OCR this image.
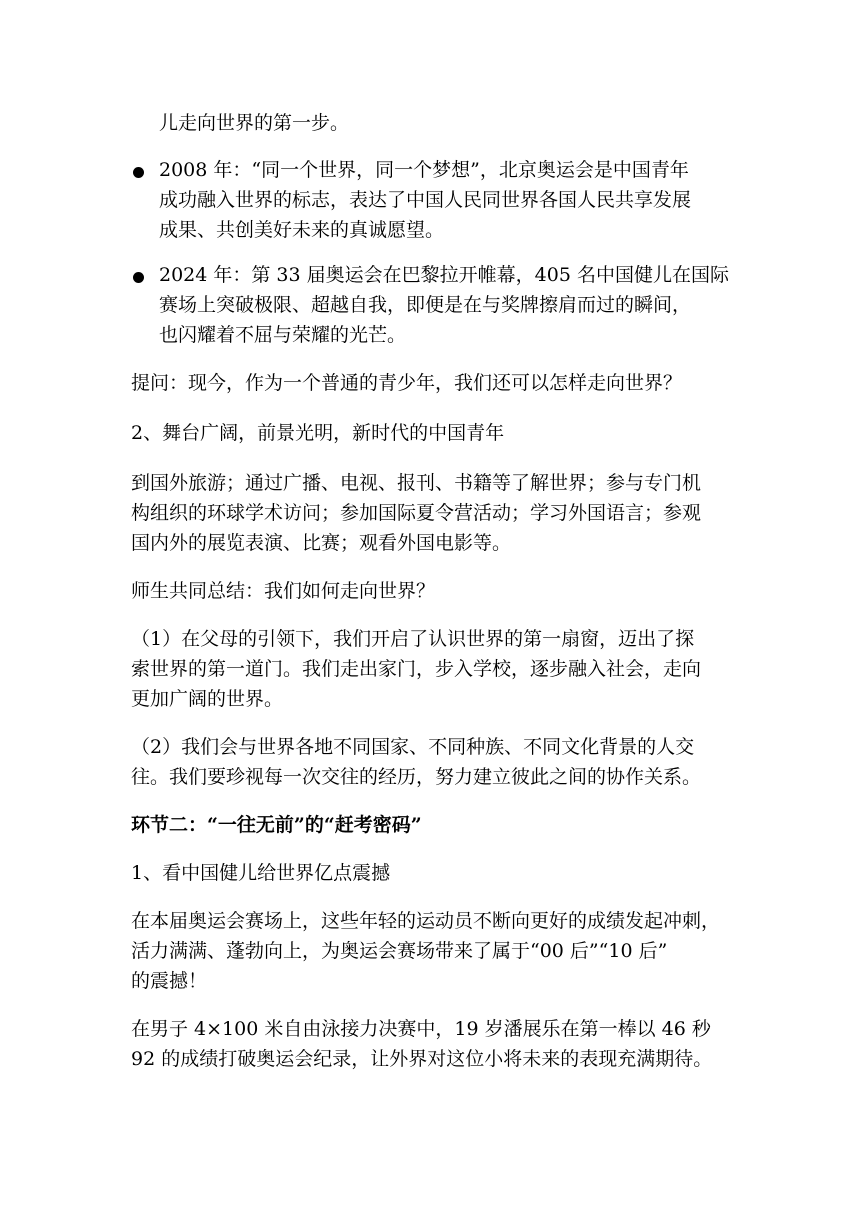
儿走向世界的第一步。
2008 年：“同一个世界，同一个梦想”，北京奥运会是中国青年
成功融入世界的标志，表达了中国人民同世界各国人民共享发展
成果、共创美好未来的真诚愿望。
2024 年：第 33 届奥运会在巴黎拉开帷幕，405 名中国健儿在国际
赛场上突破极限、超越自我，即便是在与奖牌擦肩而过的瞬间，
也闪耀着不屈与荣耀的光芒。
提问：现今，作为一个普通的青少年，我们还可以怎样走向世界？
2、舞台广阔，前景光明，新时代的中国青年
到国外旅游；通过广播、电视、报刊、书籍等了解世界；参与专门机
构组织的环球学术访问；参加国际夏令营活动；学习外国语言；参观
国内外的展览表演、比赛；观看外国电影等。
师生共同总结：我们如何走向世界？
（1）在父母的引领下，我们开启了认识世界的第一扇窗，迈出了探
索世界的第一道门。我们走出家门，步入学校，逐步融入社会，走向
更加广阔的世界。
（2）我们会与世界各地不同国家、不同种族、不同文化背景的人交
往。我们要珍视每一次交往的经历，努力建立彼此之间的协作关系。
环节二：“一往无前”的“赶考密码”
1、看中国健儿给世界亿点震撼
在本届奥运会赛场上，这些年轻的运动员不断向更好的成绩发起冲刺，
活力满满、蓬勃向上，为奥运会赛场带来了属于“00 后”“10 后”
的震撼！
在男子 4×100 米自由泳接力决赛中，19 岁潘展乐在第一棒以 46 秒
92 的成绩打破奥运会纪录，让外界对这位小将未来的表现充满期待。
